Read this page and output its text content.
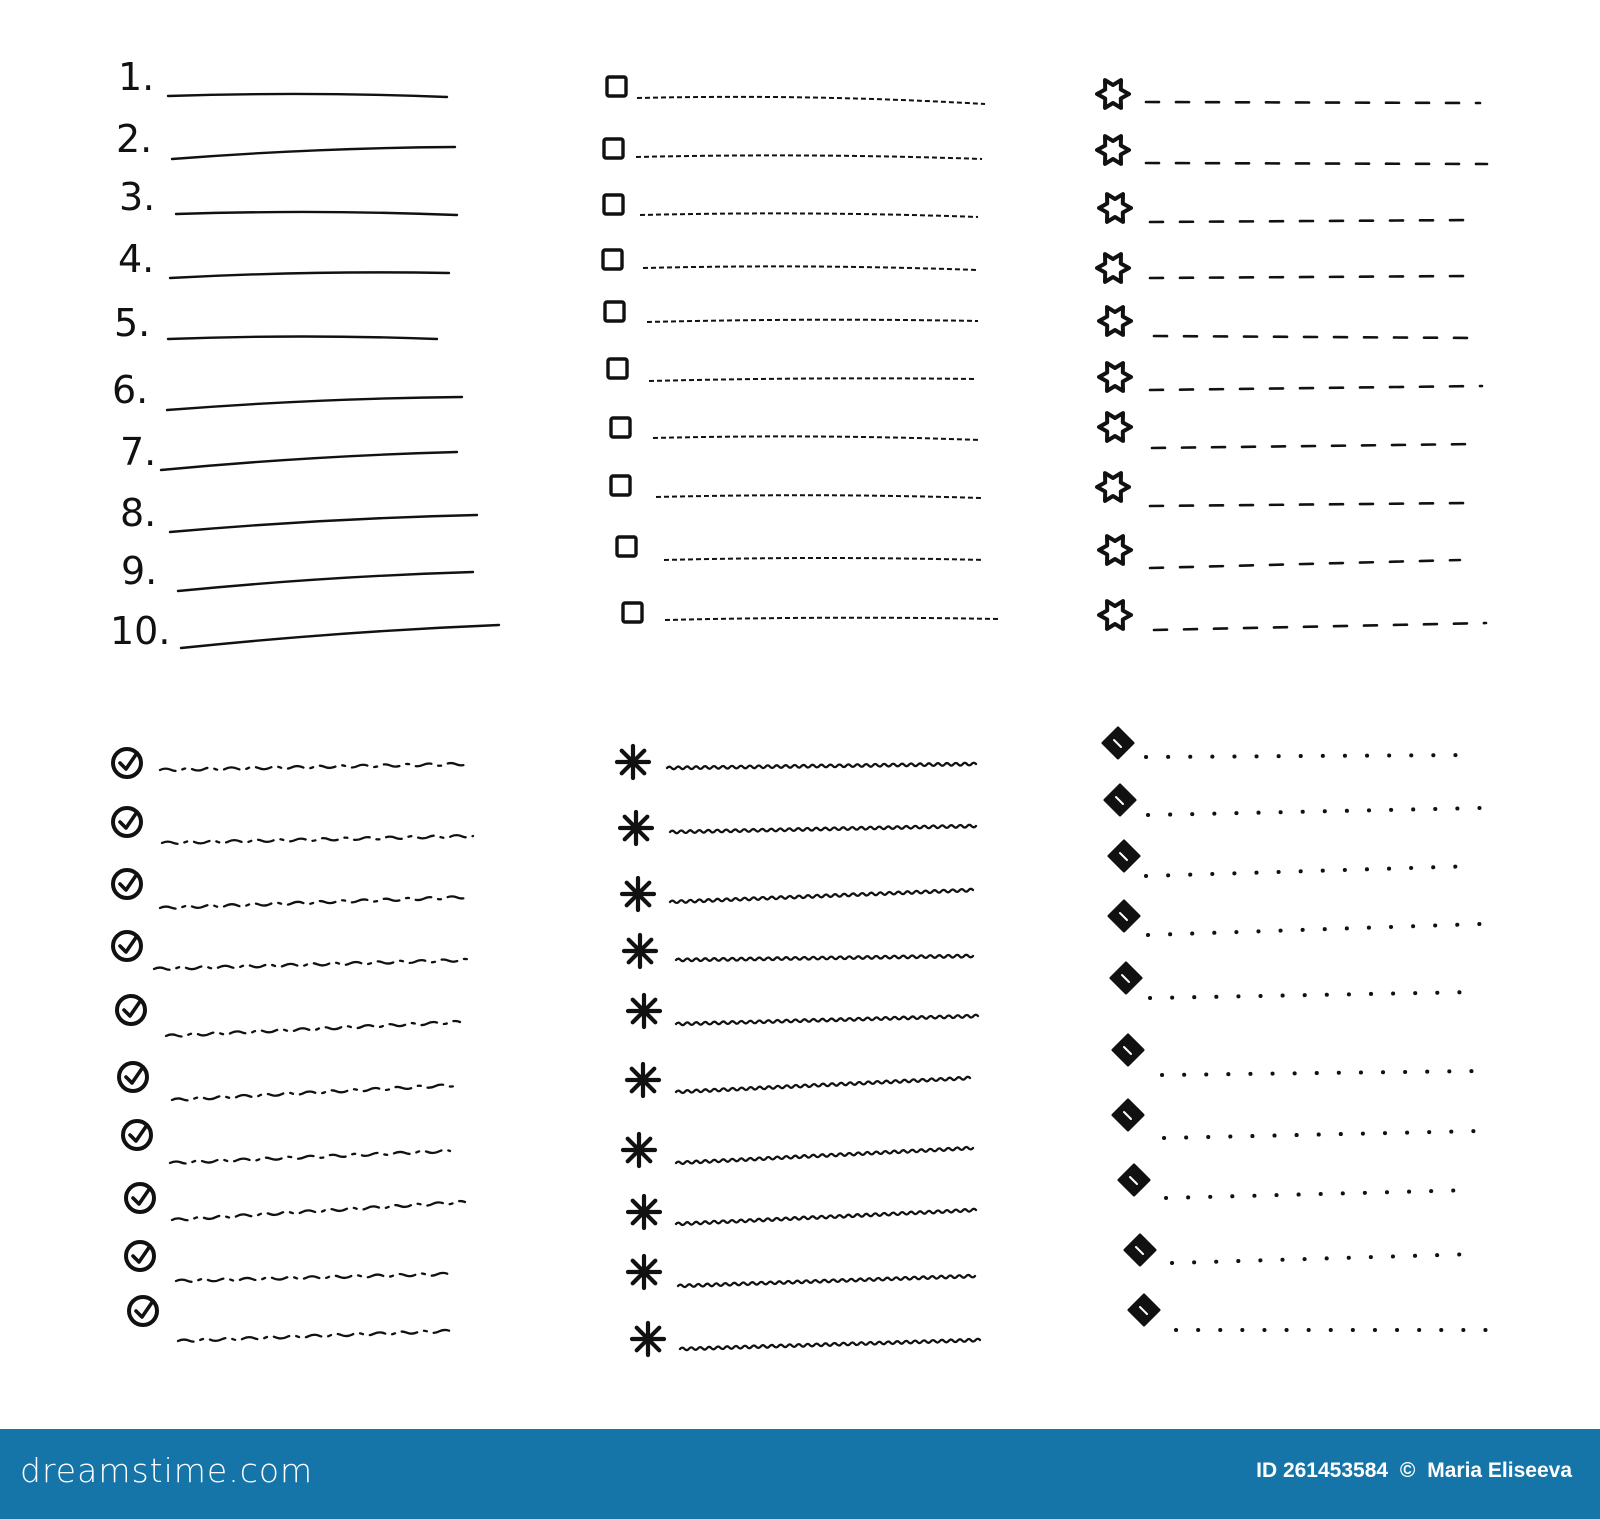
1.
2.
3.
4.
5.
6.
7.
8.
9.
10.
dreamstime.com	ID 261453584 © Maria Eliseeva
